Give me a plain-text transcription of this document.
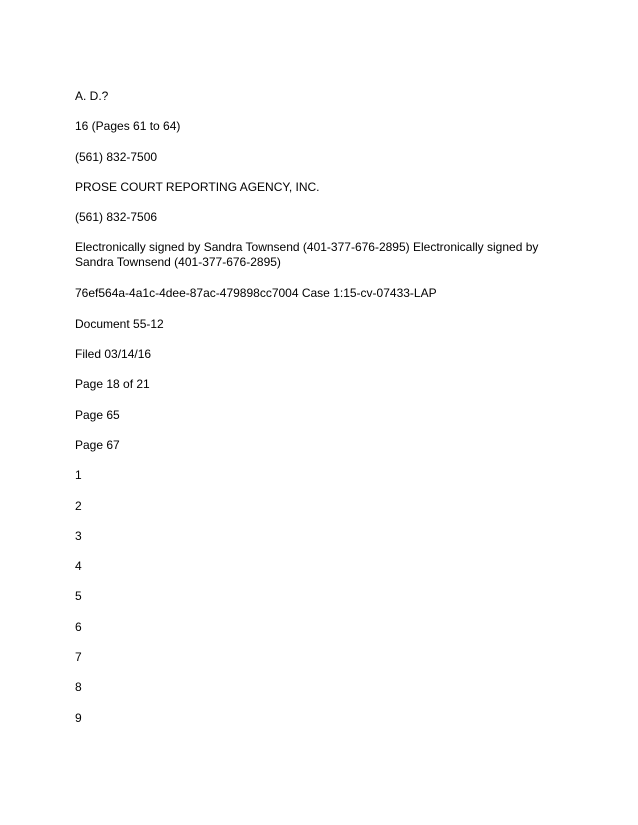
A. D.?

16 (Pages 61 to 64)

(561) 832-7500

PROSE COURT REPORTING AGENCY, INC.

(561) 832-7506

Electronically signed by Sandra Townsend (401-377-676-2895) Electronically signed by Sandra Townsend (401-377-676-2895)

76ef564a-4a1c-4dee-87ac-479898cc7004 Case 1:15-cv-07433-LAP

Document 55-12

Filed 03/14/16

Page 18 of 21

Page 65

Page 67

1

2

3

4

5

6

7

8

9
